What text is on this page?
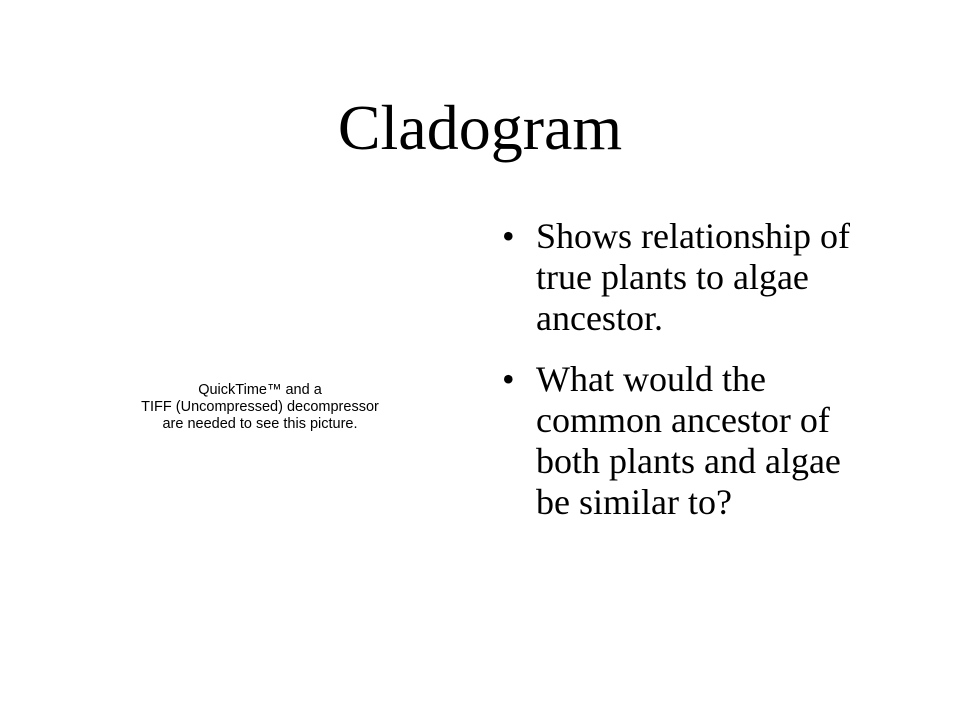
Cladogram
QuickTime™ and a
TIFF (Uncompressed) decompressor
are needed to see this picture.
• Shows relationship of
true plants to algae
ancestor.
• What would the
common ancestor of
both plants and algae
be similar to?
